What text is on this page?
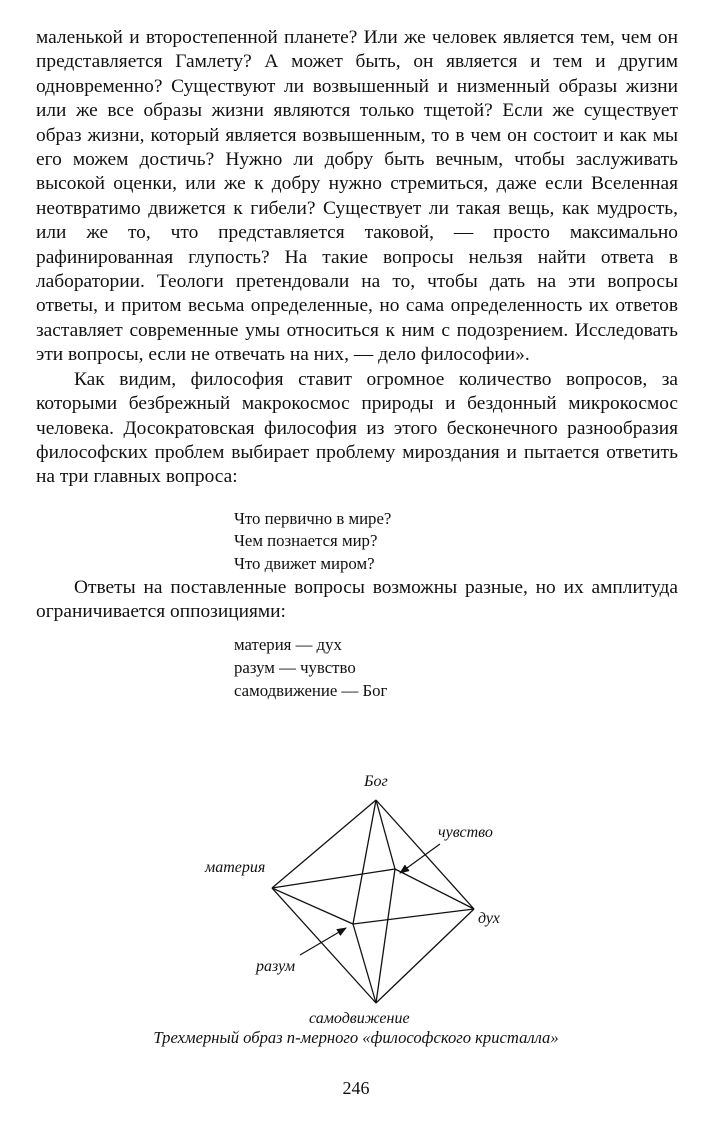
маленькой и второстепенной планете? Или же человек является тем, чем он представляется Гамлету? А может быть, он является и тем и другим одновременно? Существуют ли возвышенный и низменный образы жизни или же все образы жизни являются только тщетой? Если же существует образ жизни, который является возвышенным, то в чем он состоит и как мы его можем достичь? Нужно ли добру быть вечным, чтобы заслуживать высокой оценки, или же к добру нужно стремиться, даже если Вселенная неотвратимо движется к гибели? Существует ли такая вещь, как мудрость, или же то, что представляется таковой, — просто максимально рафинированная глупость? На такие вопросы нельзя найти ответа в лаборатории. Теологи претендовали на то, чтобы дать на эти вопросы ответы, и притом весьма определенные, но сама определенность их ответов заставляет современные умы относиться к ним с подозрением. Исследовать эти вопросы, если не отвечать на них, — дело философии».

Как видим, философия ставит огромное количество вопросов, за которыми безбрежный макрокосмос природы и бездонный микрокосмос человека. Досократовская философия из этого бесконечного разнообразия философских проблем выбирает проблему мироздания и пытается ответить на три главных вопроса:

Что первично в мире?
Чем познается мир?
Что движет миром?

Ответы на поставленные вопросы возможны разные, но их амплитуда ограничивается оппозициями:

материя — дух
разум — чувство
самодвижение — Бог
Бог
материя
дух
самодвижение
разум
чувство
Трехмерный образ n-мерного «философского кристалла»
246
